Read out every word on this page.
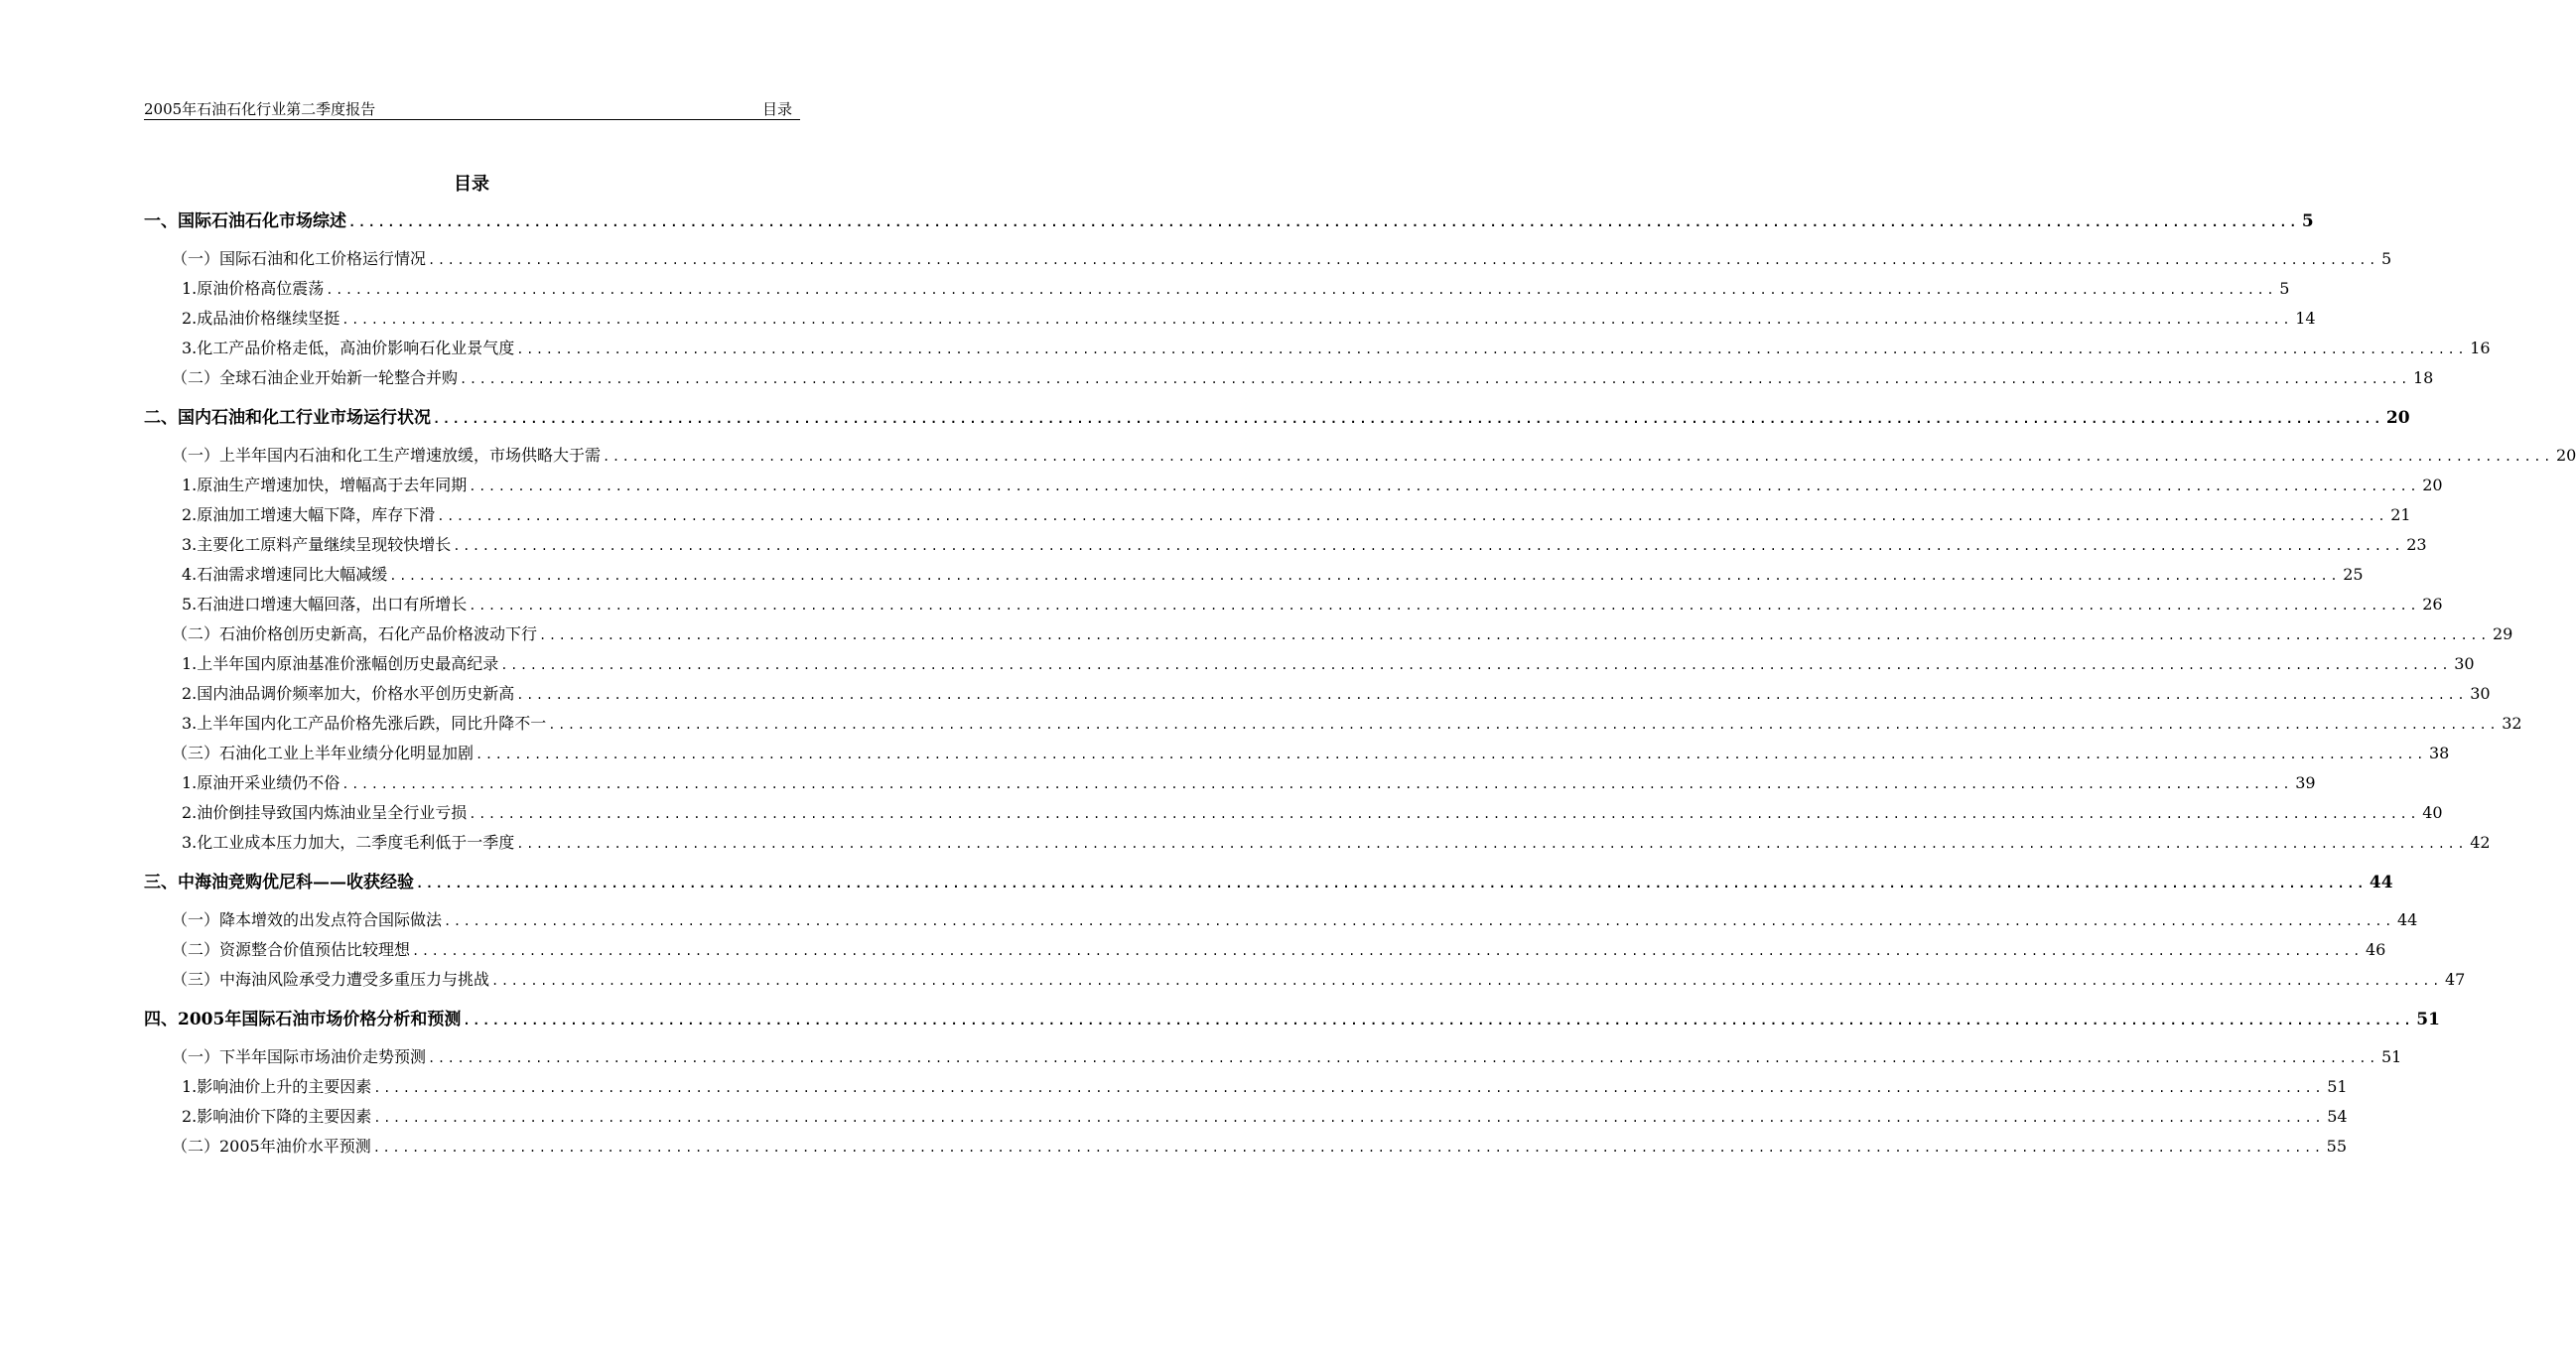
2005年石油石化行业第二季度报告	目录
目录
一、国际石油石化市场综述 ........................................................................................................................................................................................................ 5
（一）国际石油和化工价格运行情况 ........................................................................................................................................................................................................ 5
1.原油价格高位震荡 ........................................................................................................................................................................................................ 5
2.成品油价格继续坚挺 ........................................................................................................................................................................................................ 14
3.化工产品价格走低，高油价影响石化业景气度 ........................................................................................................................................................................................................ 16
（二）全球石油企业开始新一轮整合并购 ........................................................................................................................................................................................................ 18
二、国内石油和化工行业市场运行状况 ........................................................................................................................................................................................................ 20
（一）上半年国内石油和化工生产增速放缓，市场供略大于需 ........................................................................................................................................................................................................ 20
1.原油生产增速加快，增幅高于去年同期 ........................................................................................................................................................................................................ 20
2.原油加工增速大幅下降，库存下滑 ........................................................................................................................................................................................................ 21
3.主要化工原料产量继续呈现较快增长 ........................................................................................................................................................................................................ 23
4.石油需求增速同比大幅减缓 ........................................................................................................................................................................................................ 25
5.石油进口增速大幅回落，出口有所增长 ........................................................................................................................................................................................................ 26
（二）石油价格创历史新高，石化产品价格波动下行 ........................................................................................................................................................................................................ 29
1.上半年国内原油基准价涨幅创历史最高纪录 ........................................................................................................................................................................................................ 30
2.国内油品调价频率加大，价格水平创历史新高 ........................................................................................................................................................................................................ 30
3.上半年国内化工产品价格先涨后跌，同比升降不一 ........................................................................................................................................................................................................ 32
（三）石油化工业上半年业绩分化明显加剧 ........................................................................................................................................................................................................ 38
1.原油开采业绩仍不俗 ........................................................................................................................................................................................................ 39
2.油价倒挂导致国内炼油业呈全行业亏损 ........................................................................................................................................................................................................ 40
3.化工业成本压力加大，二季度毛利低于一季度 ........................................................................................................................................................................................................ 42
三、中海油竞购优尼科——收获经验 ........................................................................................................................................................................................................ 44
（一）降本增效的出发点符合国际做法 ........................................................................................................................................................................................................ 44
（二）资源整合价值预估比较理想 ........................................................................................................................................................................................................ 46
（三）中海油风险承受力遭受多重压力与挑战 ........................................................................................................................................................................................................ 47
四、2005年国际石油市场价格分析和预测 ........................................................................................................................................................................................................ 51
（一）下半年国际市场油价走势预测 ........................................................................................................................................................................................................ 51
1.影响油价上升的主要因素 ........................................................................................................................................................................................................ 51
2.影响油价下降的主要因素 ........................................................................................................................................................................................................ 54
（二）2005年油价水平预测 ........................................................................................................................................................................................................ 55
